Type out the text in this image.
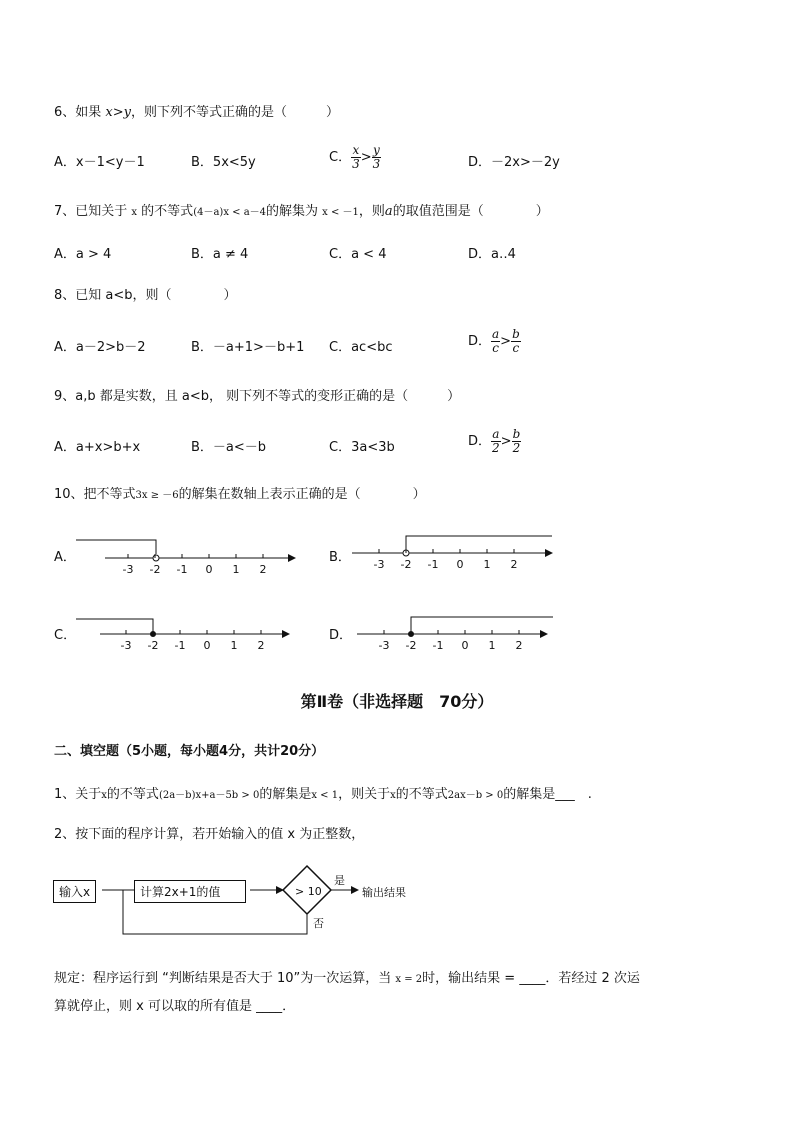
6、如果 x>y，则下列不等式正确的是（　　　）
A．x－1<y－1	B．5x<5y	C． $\frac{x}{3} > \frac{y}{3}$	D．－2x>－2y
7、已知关于 x 的不等式(4－a)x < a－4的解集为 x < －1，则a的取值范围是（　　　　）
A．a > 4	B．a ≠ 4	C．a < 4	D．a‥4
8、已知 a<b，则（　　　　）
A．a－2>b－2	B．－a+1>－b+1 C．ac<bc	D． $\frac{a}{c} > \frac{b}{c}$
9、a,b 都是实数，且 a<b， 则下列不等式的变形正确的是（　　　）
A．a+x>b+x	B．－a<－b	C．3a<3b	D． $\frac{a}{2} > \frac{b}{2}$
10、把不等式3x ≥ －6的解集在数轴上表示正确的是（　　　　）
A．	B．
C．	D．
-3 -2 -1 0 1 2	-3 -2 -1 0 1 2
-3 -2 -1 0 1 2	-3 -2 -1 0 1 2
第Ⅱ卷（非选择题　70分）
二、填空题（5小题，每小题4分，共计20分）
1、关于x的不等式(2a－b)x+a－5b > 0的解集是x < 1，则关于x的不等式2ax－b > 0的解集是___　.
2、按下面的程序计算，若开始输入的值 x 为正整数，
> 10
是
否
输出结果
输入x	计算2x+1的值
规定：程序运行到 “判断结果是否大于 10”为一次运算，当 x = 2时，输出结果 = ____．若经过 2 次运
算就停止，则 x 可以取的所有值是 ____．
